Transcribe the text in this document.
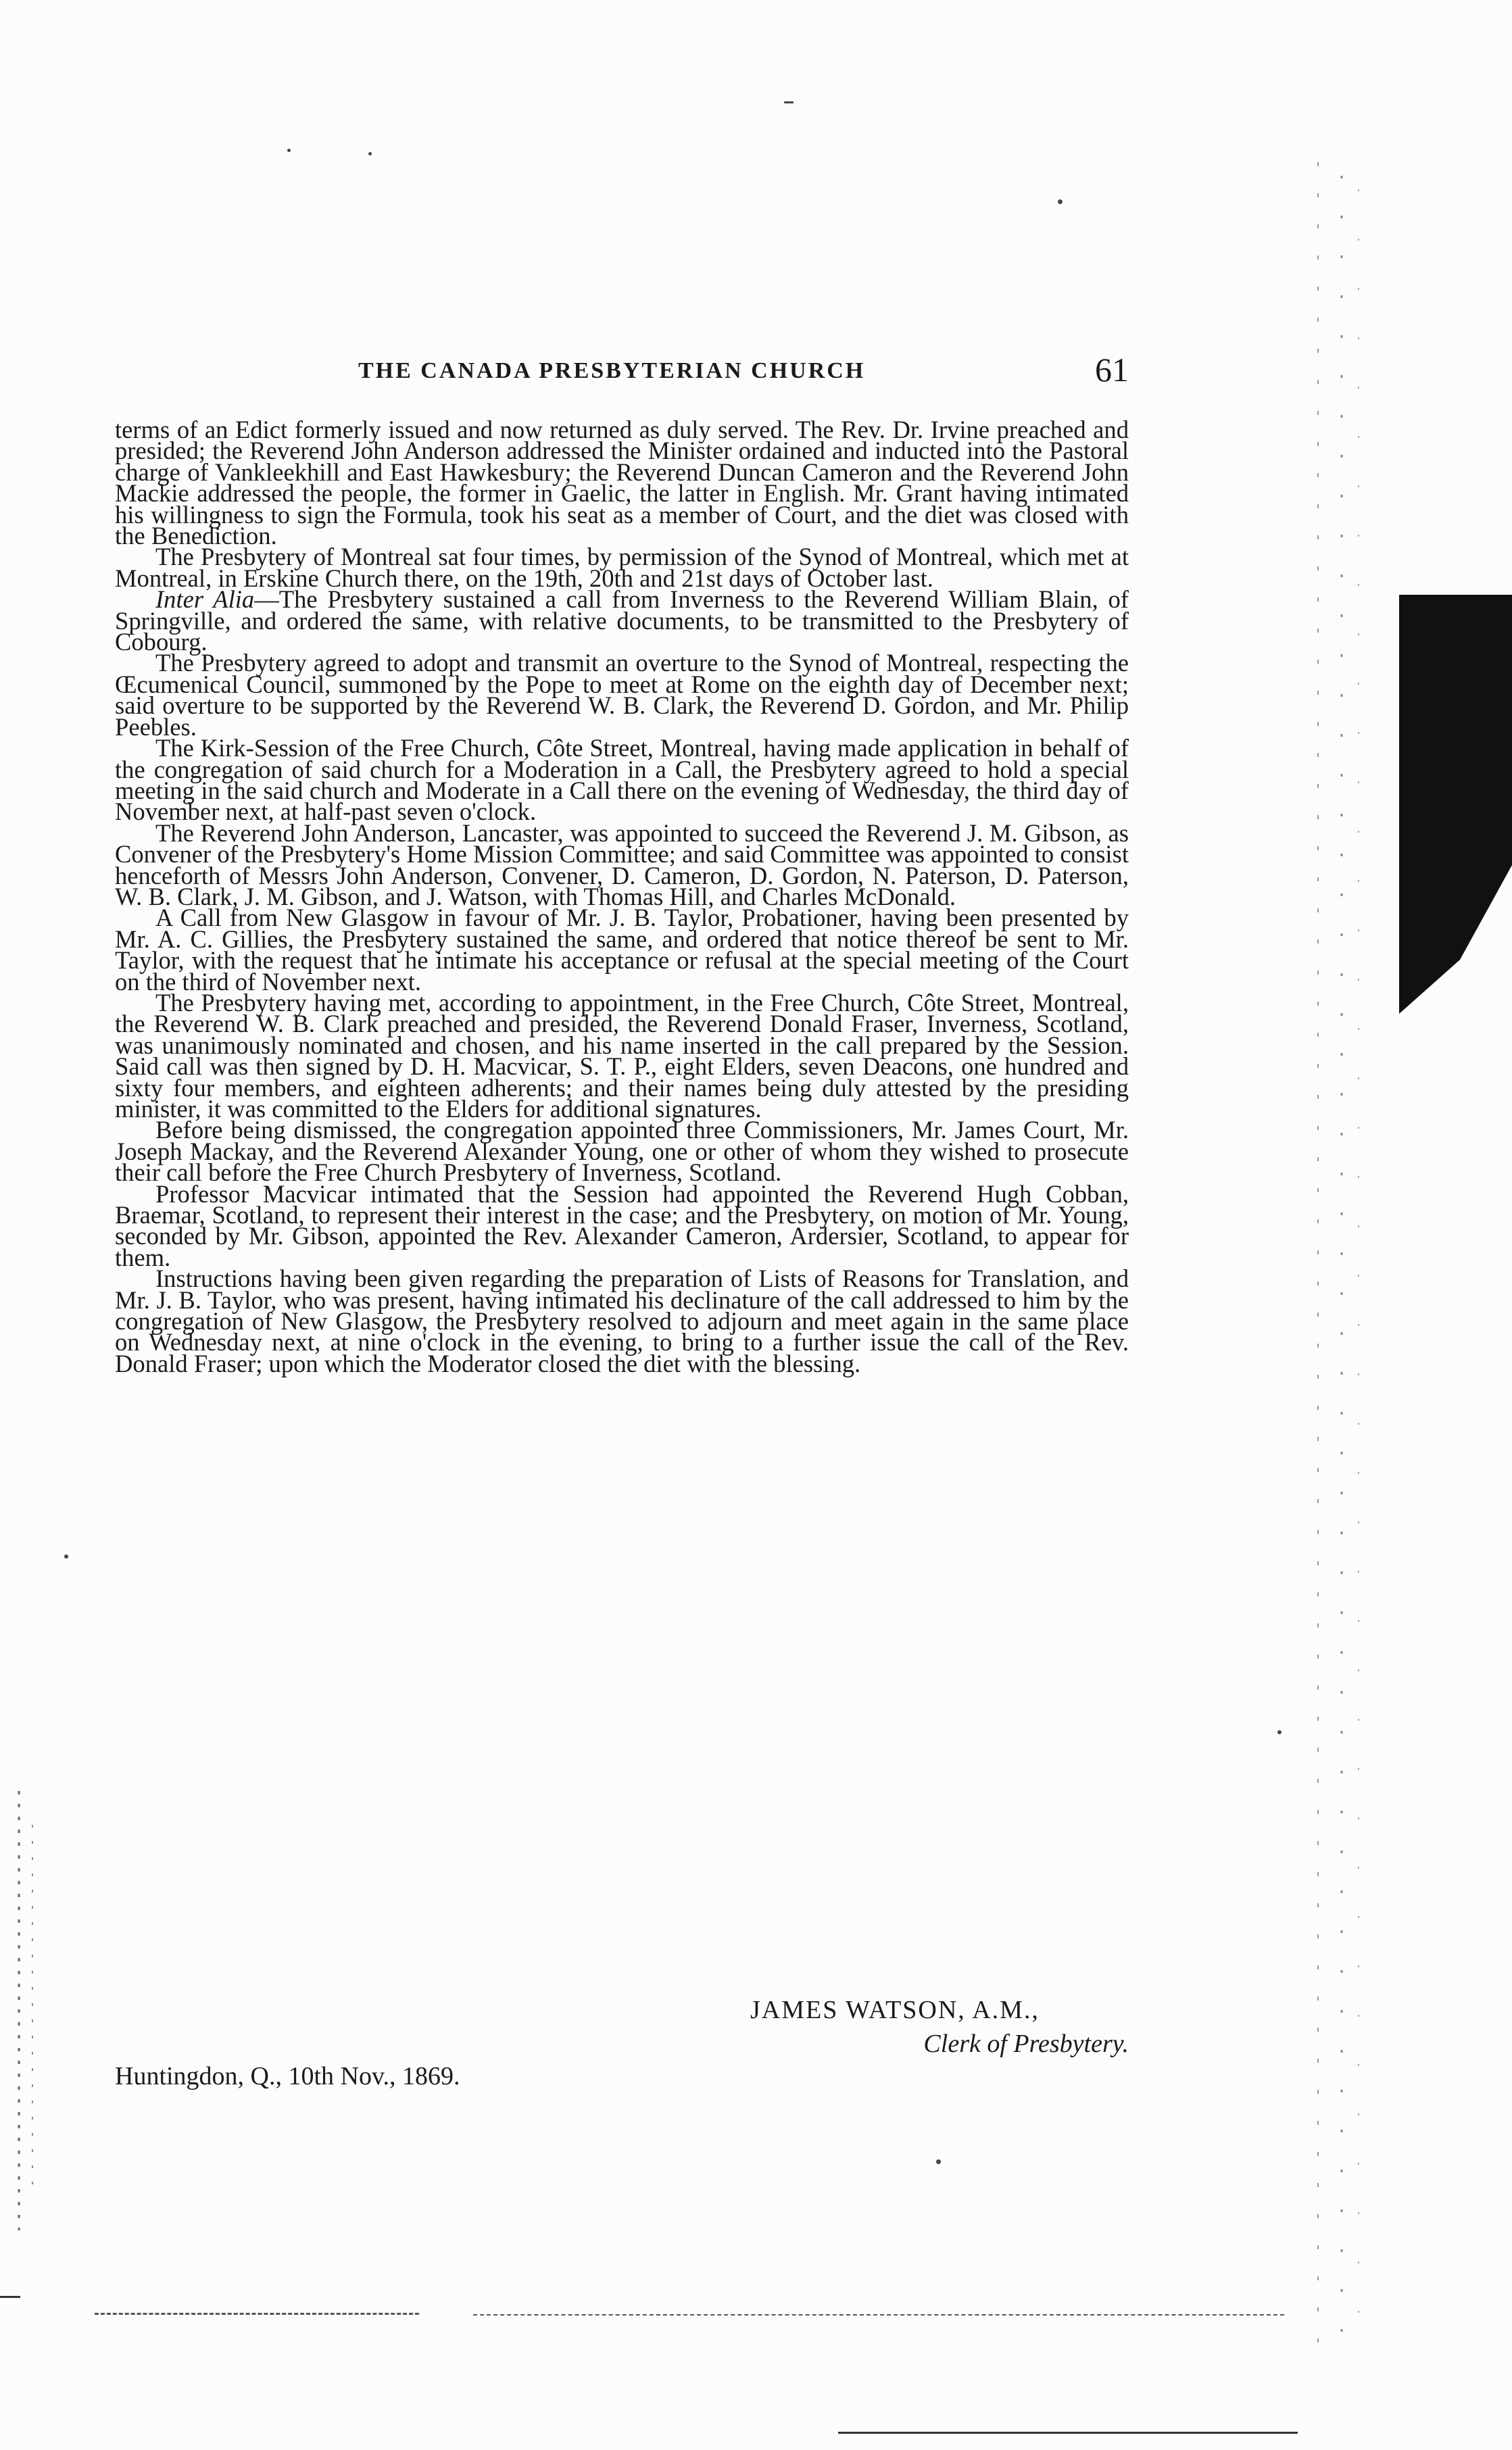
THE CANADA PRESBYTERIAN CHURCH	61

terms of an Edict formerly issued and now returned as duly served. The Rev. Dr. Irvine preached and presided; the Reverend John Anderson addressed the Minister ordained and inducted into the Pastoral charge of Vankleekhill and East Hawkesbury; the Reverend Duncan Cameron and the Reverend John Mackie addressed the people, the former in Gaelic, the latter in English. Mr. Grant having intimated his willingness to sign the Formula, took his seat as a member of Court, and the diet was closed with the Benediction.

The Presbytery of Montreal sat four times, by permission of the Synod of Montreal, which met at Montreal, in Erskine Church there, on the 19th, 20th and 21st days of October last.

Inter Alia—The Presbytery sustained a call from Inverness to the Reverend William Blain, of Springville, and ordered the same, with relative documents, to be transmitted to the Presbytery of Cobourg.

The Presbytery agreed to adopt and transmit an overture to the Synod of Montreal, respecting the Œcumenical Council, summoned by the Pope to meet at Rome on the eighth day of December next; said overture to be supported by the Reverend W. B. Clark, the Reverend D. Gordon, and Mr. Philip Peebles.

The Kirk-Session of the Free Church, Côte Street, Montreal, having made application in behalf of the congregation of said church for a Moderation in a Call, the Presbytery agreed to hold a special meeting in the said church and Moderate in a Call there on the evening of Wednesday, the third day of November next, at half-past seven o'clock.

The Reverend John Anderson, Lancaster, was appointed to succeed the Reverend J. M. Gibson, as Convener of the Presbytery's Home Mission Committee; and said Committee was appointed to consist henceforth of Messrs John Anderson, Convener, D. Cameron, D. Gordon, N. Paterson, D. Paterson, W. B. Clark, J. M. Gibson, and J. Watson, with Thomas Hill, and Charles McDonald.

A Call from New Glasgow in favour of Mr. J. B. Taylor, Probationer, having been presented by Mr. A. C. Gillies, the Presbytery sustained the same, and ordered that notice thereof be sent to Mr. Taylor, with the request that he intimate his acceptance or refusal at the special meeting of the Court on the third of November next.

The Presbytery having met, according to appointment, in the Free Church, Côte Street, Montreal, the Reverend W. B. Clark preached and presided, the Reverend Donald Fraser, Inverness, Scotland, was unanimously nominated and chosen, and his name inserted in the call prepared by the Session. Said call was then signed by D. H. Macvicar, S. T. P., eight Elders, seven Deacons, one hundred and sixty four members, and eighteen adherents; and their names being duly attested by the presiding minister, it was committed to the Elders for additional signatures.

Before being dismissed, the congregation appointed three Commissioners, Mr. James Court, Mr. Joseph Mackay, and the Reverend Alexander Young, one or other of whom they wished to prosecute their call before the Free Church Presbytery of Inverness, Scotland.

Professor Macvicar intimated that the Session had appointed the Reverend Hugh Cobban, Braemar, Scotland, to represent their interest in the case; and the Presbytery, on motion of Mr. Young, seconded by Mr. Gibson, appointed the Rev. Alexander Cameron, Ardersier, Scotland, to appear for them.

Instructions having been given regarding the preparation of Lists of Reasons for Translation, and Mr. J. B. Taylor, who was present, having intimated his declinature of the call addressed to him by the congregation of New Glasgow, the Presbytery resolved to adjourn and meet again in the same place on Wednesday next, at nine o'clock in the evening, to bring to a further issue the call of the Rev. Donald Fraser; upon which the Moderator closed the diet with the blessing.

JAMES WATSON, A.M.,
Clerk of Presbytery.
Huntingdon, Q., 10th Nov., 1869.
